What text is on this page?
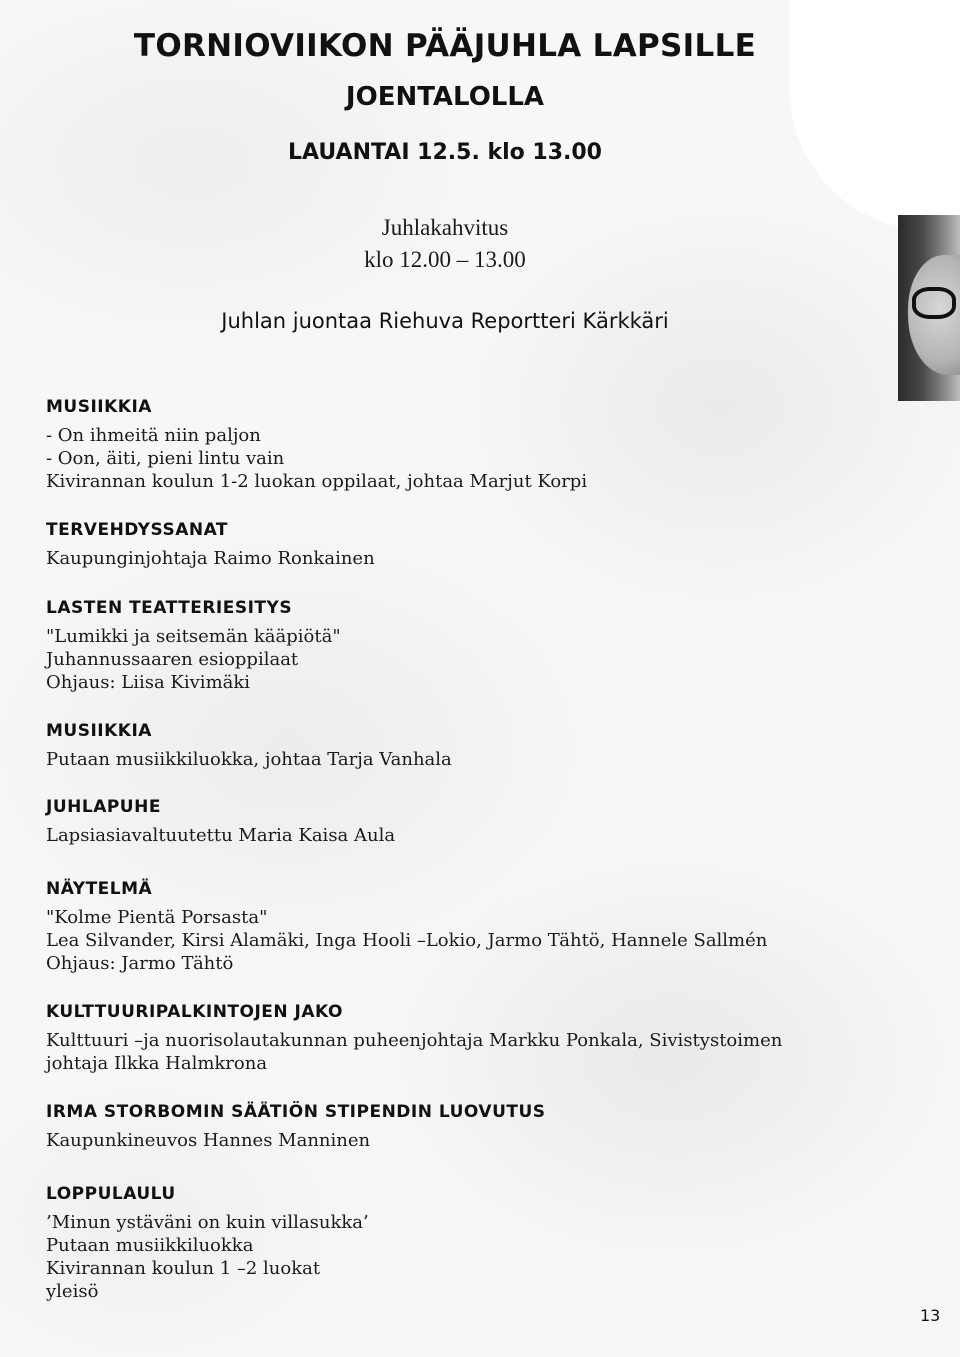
TORNIOVIIKON PÄÄJUHLA LAPSILLE
JOENTALOLLA
LAUANTAI 12.5. klo 13.00
Juhlakahvitus
klo 12.00 – 13.00
Juhlan juontaa Riehuva Reportteri Kärkkäri
MUSIIKKIA

- On ihmeitä niin paljon

- Oon, äiti, pieni lintu vain

Kivirannan koulun 1-2 luokan oppilaat, johtaa Marjut Korpi

TERVEHDYSSANAT

Kaupunginjohtaja Raimo Ronkainen

LASTEN TEATTERIESITYS

"Lumikki ja seitsemän kääpiötä"

Juhannussaaren esioppilaat

Ohjaus: Liisa Kivimäki

MUSIIKKIA

Putaan musiikkiluokka, johtaa Tarja Vanhala

JUHLAPUHE

Lapsiasiavaltuutettu Maria Kaisa Aula

NÄYTELMÄ

"Kolme Pientä Porsasta"

Lea Silvander, Kirsi Alamäki, Inga Hooli –Lokio, Jarmo Tähtö, Hannele Sallmén

Ohjaus: Jarmo Tähtö

KULTTUURIPALKINTOJEN JAKO

Kulttuuri –ja nuorisolautakunnan puheenjohtaja Markku Ponkala, Sivistystoimen

johtaja Ilkka Halmkrona

IRMA STORBOMIN SÄÄTIÖN STIPENDIN LUOVUTUS

Kaupunkineuvos Hannes Manninen

LOPPULAULU

’Minun ystäväni on kuin villasukka’

Putaan musiikkiluokka

Kivirannan koulun 1 –2 luokat

yleisö

13
